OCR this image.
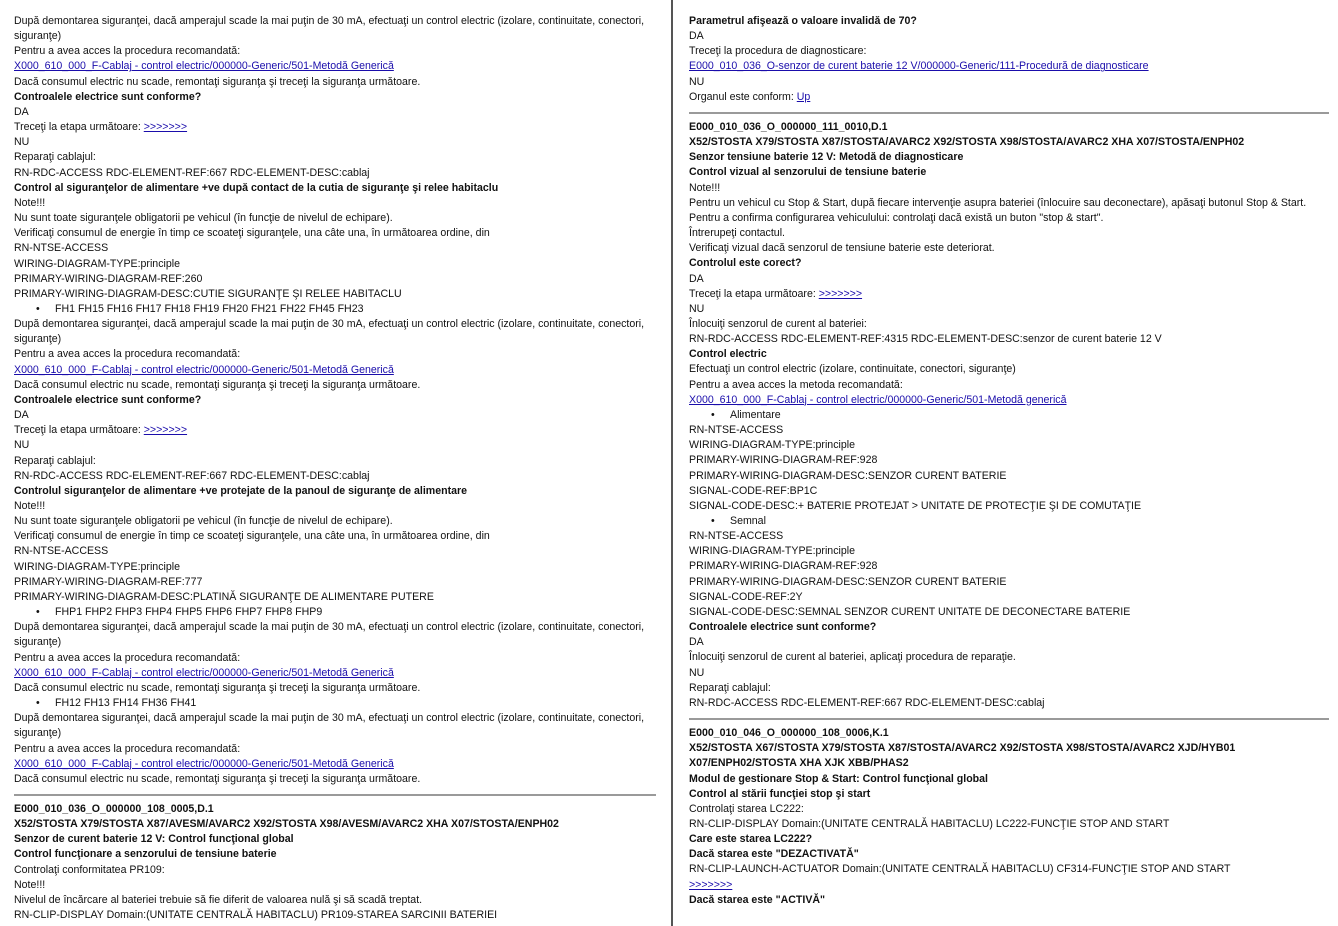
După demontarea siguranţei, dacă amperajul scade la mai puţin de 30 mA, efectuaţi un control electric (izolare, continuitate, conectori, siguranţe)
Pentru a avea acces la procedura recomandată:
X000_610_000_F-Cablaj - control electric/000000-Generic/501-Metodă Generică
Dacă consumul electric nu scade, remontaţi siguranţa şi treceţi la siguranţa următoare.
Controalele electrice sunt conforme?
DA
Treceţi la etapa următoare: >>>>>>>
NU
Reparaţi cablajul:
RN-RDC-ACCESS RDC-ELEMENT-REF:667 RDC-ELEMENT-DESC:cablaj
Control al siguranţelor de alimentare +ve după contact de la cutia de siguranţe şi relee habitaclu
Note!!!
Nu sunt toate siguranţele obligatorii pe vehicul (în funcţie de nivelul de echipare).
Verificaţi consumul de energie în timp ce scoateţi siguranţele, una câte una, în următoarea ordine, din
RN-NTSE-ACCESS
WIRING-DIAGRAM-TYPE:principle
PRIMARY-WIRING-DIAGRAM-REF:260
PRIMARY-WIRING-DIAGRAM-DESC:CUTIE SIGURANŢE ŞI RELEE HABITACLU
• FH1 FH15 FH16 FH17 FH18 FH19 FH20 FH21 FH22 FH45 FH23
După demontarea siguranţei, dacă amperajul scade la mai puţin de 30 mA, efectuaţi un control electric (izolare, continuitate, conectori, siguranţe)
Pentru a avea acces la procedura recomandată:
X000_610_000_F-Cablaj - control electric/000000-Generic/501-Metodă Generică
Dacă consumul electric nu scade, remontaţi siguranţa şi treceţi la siguranţa următoare.
Controalele electrice sunt conforme?
DA
Treceţi la etapa următoare: >>>>>>>
NU
Reparaţi cablajul:
RN-RDC-ACCESS RDC-ELEMENT-REF:667 RDC-ELEMENT-DESC:cablaj
Controlul siguranţelor de alimentare +ve protejate de la panoul de siguranţe de alimentare
Note!!!
Nu sunt toate siguranţele obligatorii pe vehicul (în funcţie de nivelul de echipare).
Verificaţi consumul de energie în timp ce scoateţi siguranţele, una câte una, în următoarea ordine, din
RN-NTSE-ACCESS
WIRING-DIAGRAM-TYPE:principle
PRIMARY-WIRING-DIAGRAM-REF:777
PRIMARY-WIRING-DIAGRAM-DESC:PLATINĂ SIGURANŢE DE ALIMENTARE PUTERE
• FHP1 FHP2 FHP3 FHP4 FHP5 FHP6 FHP7 FHP8 FHP9
După demontarea siguranţei, dacă amperajul scade la mai puţin de 30 mA, efectuaţi un control electric (izolare, continuitate, conectori, siguranţe)
Pentru a avea acces la procedura recomandată:
X000_610_000_F-Cablaj - control electric/000000-Generic/501-Metodă Generică
Dacă consumul electric nu scade, remontaţi siguranţa şi treceţi la siguranţa următoare.
• FH12 FH13 FH14 FH36 FH41
După demontarea siguranţei, dacă amperajul scade la mai puţin de 30 mA, efectuaţi un control electric (izolare, continuitate, conectori, siguranţe)
Pentru a avea acces la procedura recomandată:
X000_610_000_F-Cablaj - control electric/000000-Generic/501-Metodă Generică
Dacă consumul electric nu scade, remontaţi siguranţa şi treceţi la siguranţa următoare.
E000_010_036_O_000000_108_0005,D.1
X52/STOSTA X79/STOSTA X87/AVESM/AVARC2 X92/STOSTA X98/AVESM/AVARC2 XHA X07/STOSTA/ENPH02
Senzor de curent baterie 12 V: Control funcţional global
Control funcţionare a senzorului de tensiune baterie
Controlaţi conformitatea PR109:
Note!!!
Nivelul de încărcare al bateriei trebuie să fie diferit de valoarea nulă şi să scadă treptat.
RN-CLIP-DISPLAY Domain:(UNITATE CENTRALĂ HABITACLU) PR109-STAREA SARCINII BATERIEI
Parametrul afişează o valoare invalidă de 70?
DA
Treceţi la procedura de diagnosticare:
E000_010_036_O-senzor de curent baterie 12 V/000000-Generic/111-Procedură de diagnosticare
NU
Organul este conform: Up
E000_010_036_O_000000_111_0010,D.1
X52/STOSTA X79/STOSTA X87/STOSTA/AVARC2 X92/STOSTA X98/STOSTA/AVARC2 XHA X07/STOSTA/ENPH02
Senzor tensiune baterie 12 V: Metodă de diagnosticare
Control vizual al senzorului de tensiune baterie
Note!!!
Pentru un vehicul cu Stop & Start, după fiecare intervenţie asupra bateriei (înlocuire sau deconectare), apăsaţi butonul Stop & Start.
Pentru a confirma configurarea vehiculului: controlaţi dacă există un buton "stop & start".
Întrerupeţi contactul.
Verificaţi vizual dacă senzorul de tensiune baterie este deteriorat.
Controlul este corect?
DA
Treceţi la etapa următoare: >>>>>>>
NU
Înlocuiţi senzorul de curent al bateriei:
RN-RDC-ACCESS RDC-ELEMENT-REF:4315 RDC-ELEMENT-DESC:senzor de curent baterie 12 V
Control electric
Efectuaţi un control electric (izolare, continuitate, conectori, siguranţe)
Pentru a avea acces la metoda recomandată:
X000_610_000_F-Cablaj - control electric/000000-Generic/501-Metodă generică
• Alimentare
RN-NTSE-ACCESS
WIRING-DIAGRAM-TYPE:principle
PRIMARY-WIRING-DIAGRAM-REF:928
PRIMARY-WIRING-DIAGRAM-DESC:SENZOR CURENT BATERIE
SIGNAL-CODE-REF:BP1C
SIGNAL-CODE-DESC:+ BATERIE PROTEJAT > UNITATE DE PROTECŢIE ŞI DE COMUTAŢIE
• Semnal
RN-NTSE-ACCESS
WIRING-DIAGRAM-TYPE:principle
PRIMARY-WIRING-DIAGRAM-REF:928
PRIMARY-WIRING-DIAGRAM-DESC:SENZOR CURENT BATERIE
SIGNAL-CODE-REF:2Y
SIGNAL-CODE-DESC:SEMNAL SENZOR CURENT UNITATE DE DECONECTARE BATERIE
Controalele electrice sunt conforme?
DA
Înlocuiţi senzorul de curent al bateriei, aplicaţi procedura de reparaţie.
NU
Reparaţi cablajul:
RN-RDC-ACCESS RDC-ELEMENT-REF:667 RDC-ELEMENT-DESC:cablaj
E000_010_046_O_000000_108_0006,K.1
X52/STOSTA X67/STOSTA X79/STOSTA X87/STOSTA/AVARC2 X92/STOSTA X98/STOSTA/AVARC2 XJD/HYB01
X07/ENPH02/STOSTA XHA XJK XBB/PHAS2
Modul de gestionare Stop & Start: Control funcţional global
Control al stării funcţiei stop şi start
Controlaţi starea LC222:
RN-CLIP-DISPLAY Domain:(UNITATE CENTRALĂ HABITACLU) LC222-FUNCŢIE STOP AND START
Care este starea LC222?
Dacă starea este "DEZACTIVATĂ"
RN-CLIP-LAUNCH-ACTUATOR Domain:(UNITATE CENTRALĂ HABITACLU) CF314-FUNCŢIE STOP AND START
>>>>>>>
Dacă starea este "ACTIVĂ"
